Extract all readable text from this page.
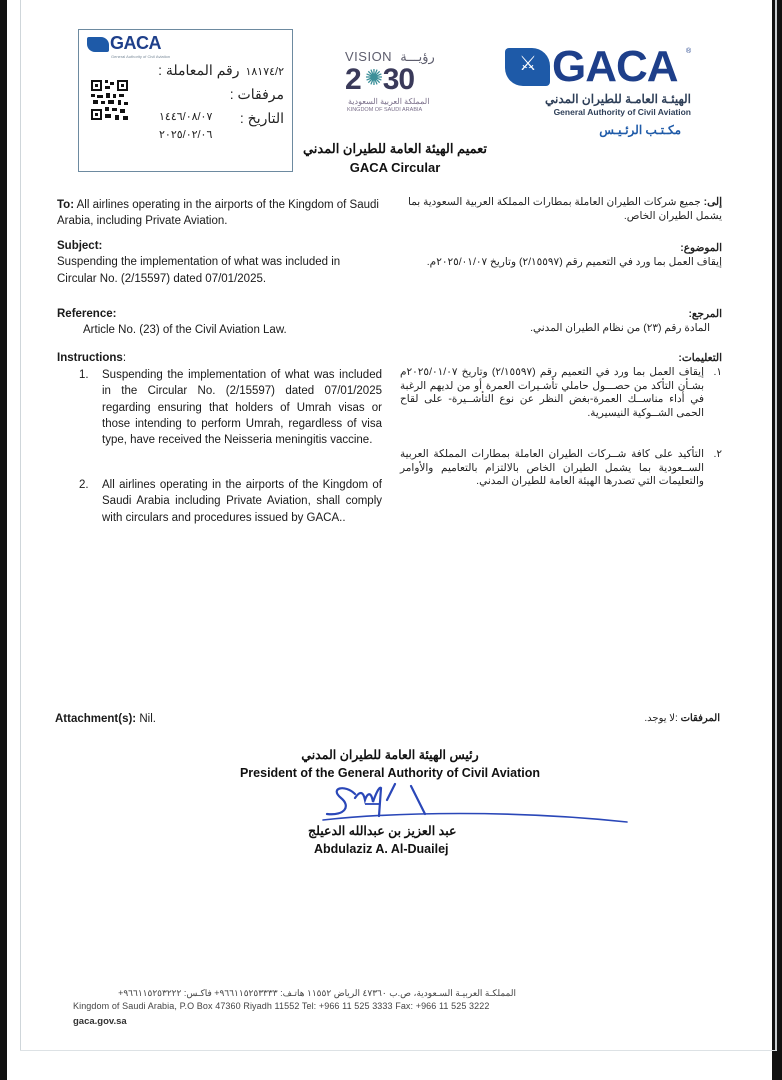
GACA
General Authority of Civil Aviation
رقم المعاملة : ١٨١٧٤/٢
مرفقات :
التاريخ :
١٤٤٦/٠٨/٠٧
٢٠٢٥/٠٢/٠٦
VISION رؤيـــة
2 30
✺
المملكة العربية السعودية
KINGDOM OF SAUDI ARABIA
⚔ GACA ®
الهيئـة العامـة للطيران المدني
General Authority of Civil Aviation
مكـتـب الرئـيـس
تعميم الهيئة العامة للطيران المدني
GACA Circular
To: All airlines operating in the airports of the Kingdom of Saudi Arabia, including Private Aviation.
Subject:
Suspending the implementation of what was included in Circular No. (2/15597) dated 07/01/2025.
Reference:
Article No. (23) of the Civil Aviation Law.
Instructions:
1.	Suspending the implementation of what was included in the Circular No. (2/15597) dated 07/01/2025 regarding ensuring that holders of Umrah visas or those intending to perform Umrah, regardless of visa type, have received the Neisseria meningitis vaccine.
2.	All airlines operating in the airports of the Kingdom of Saudi Arabia including Private Aviation, shall comply with circulars and procedures issued by GACA..
إلى: جميع شركات الطيران العاملة بمطارات المملكة العربية السعودية بما يشمل الطيران الخاص.
الموضوع:
إيقاف العمل بما ورد في التعميم رقم (٢/١٥٥٩٧) وتاريخ ٢٠٢٥/٠١/٠٧م.
المرجع:
المادة رقم (٢٣) من نظام الطيران المدني.
التعليمات:
١.
إيقاف العمل بما ورد في التعميم رقم (٢/١٥٥٩٧) وتاريخ ٢٠٢٥/٠١/٠٧م بشـأن التأكد من حصـــول حاملي تأشـيرات العمرة أو من لديهم الرغبة في أداء مناســك العمرة-بغض النظر عن نوع التأشــيرة- على لقاح الحمى الشــوكية النيسيرية.
٢.
التأكيد على كافة شــركات الطيران العاملة بمطارات المملكة العربية الســعودية بما يشمل الطيران الخاص بالالتزام بالتعاميم والأوامر والتعليمات التي تصدرها الهيئة العامة للطيران المدني.
Attachment(s): Nil.	المرفقات :لا يوجد.
رئيس الهيئة العامة للطيران المدني
President of the General Authority of Civil Aviation
عبد العزيز بن عبدالله الدعيلج
Abdulaziz A. Al-Duailej
المملكـة العربيـة السـعودية، ص.ب ٤٧٣٦٠ الرياض ١١٥٥٢ هاتـف: ٩٦٦١١٥٢٥٣٣٣٣+ فاكـس: ٩٦٦١١٥٢٥٣٢٢٢+
Kingdom of Saudi Arabia, P.O Box 47360 Riyadh 11552 Tel: +966 11 525 3333 Fax: +966 11 525 3222
gaca.gov.sa
